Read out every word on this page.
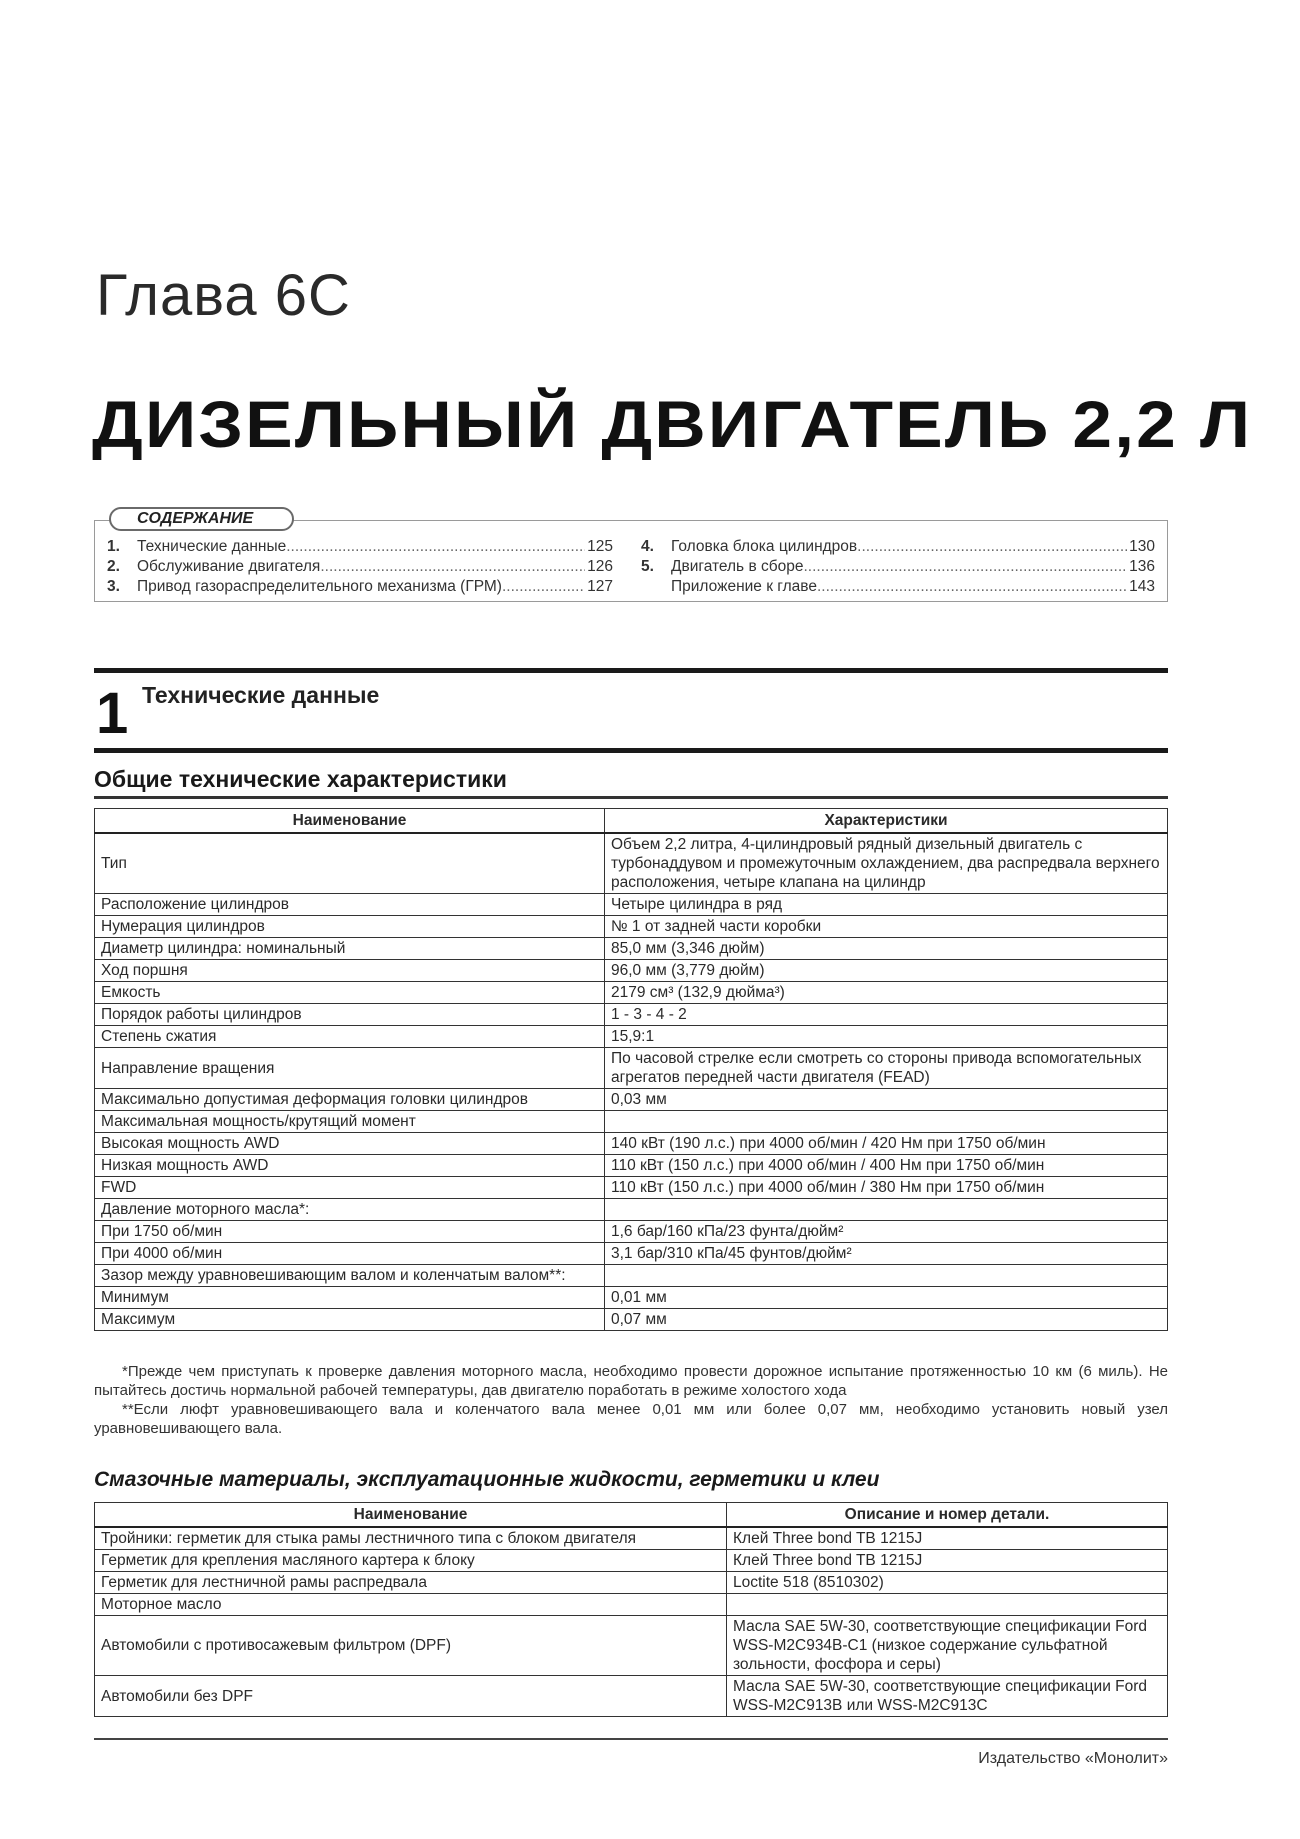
Глава 6С
ДИЗЕЛЬНЫЙ ДВИГАТЕЛЬ 2,2 Л
СОДЕРЖАНИЕ
1.	Технические данные .....	125
2.	Обслуживание двигателя .....	126
3.	Привод газораспределительного механизма (ГРМ) .....	127
4.	Головка блока цилиндров .....	130
5.	Двигатель в сборе .....	136
Приложение к главе .....	143
1 Технические данные
Общие технические характеристики
Наименование	Характеристики
Тип	Объем 2,2 литра, 4-цилиндровый рядный дизельный двигатель с турбонаддувом и промежуточным охлаждением, два распредвала верхнего расположения, четыре клапана на цилиндр
Расположение цилиндров	Четыре цилиндра в ряд
Нумерация цилиндров	№ 1 от задней части коробки
Диаметр цилиндра: номинальный	85,0 мм (3,346 дюйм)
Ход поршня	96,0 мм (3,779 дюйм)
Емкость	2179 см³ (132,9 дюйма³)
Порядок работы цилиндров	1 - 3 - 4 - 2
Степень сжатия	15,9:1
Направление вращения	По часовой стрелке если смотреть со стороны привода вспомогательных агрегатов передней части двигателя (FEAD)
Максимально допустимая деформация головки цилиндров	0,03 мм
Максимальная мощность/крутящий момент	
Высокая мощность AWD	140 кВт (190 л.с.) при 4000 об/мин / 420 Нм при 1750 об/мин
Низкая мощность AWD	110 кВт (150 л.с.) при 4000 об/мин / 400 Нм при 1750 об/мин
FWD	110 кВт (150 л.с.) при 4000 об/мин / 380 Нм при 1750 об/мин
Давление моторного масла*:	
При 1750 об/мин	1,6 бар/160 кПа/23 фунта/дюйм²
При 4000 об/мин	3,1 бар/310 кПа/45 фунтов/дюйм²
Зазор между уравновешивающим валом и коленчатым валом**:	
Минимум	0,01 мм
Максимум	0,07 мм

*Прежде чем приступать к проверке давления моторного масла, необходимо провести дорожное испытание протяженностью 10 км (6 миль). Не пытайтесь достичь нормальной рабочей температуры, дав двигателю поработать в режиме холостого хода

**Если люфт уравновешивающего вала и коленчатого вала менее 0,01 мм или более 0,07 мм, необходимо установить новый узел уравновешивающего вала.

Смазочные материалы, эксплуатационные жидкости, герметики и клеи
Наименование	Описание и номер детали.
Тройники: герметик для стыка рамы лестничного типа с блоком двигателя	Клей Three bond TB 1215J
Герметик для крепления масляного картера к блоку	Клей Three bond TB 1215J
Герметик для лестничной рамы распредвала	Loctite 518 (8510302)
Моторное масло	
Автомобили с противосажевым фильтром (DPF)	Масла SAE 5W-30, соответствующие спецификации Ford WSS-M2C934B-C1 (низкое содержание сульфатной зольности, фосфора и серы)
Автомобили без DPF	Масла SAE 5W-30, соответствующие спецификации Ford WSS-M2C913B или WSS-M2C913C
Издательство «Монолит»
